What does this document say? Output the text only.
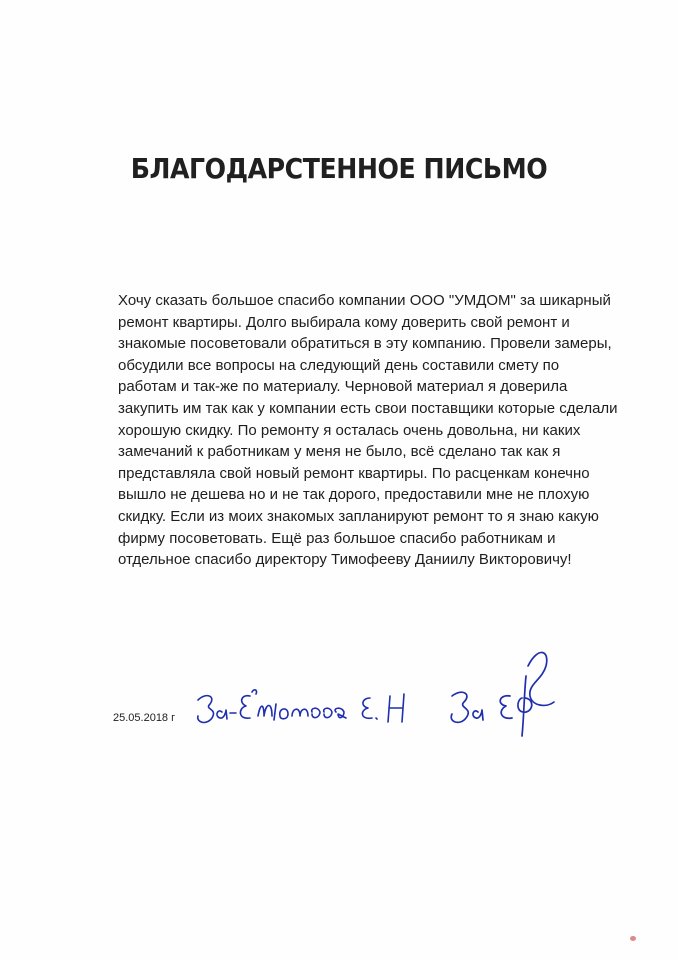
БЛАГОДАРСТЕННОЕ ПИСЬМО

Хочу сказать большое спасибо компании ООО "УМДОМ" за шикарный
ремонт квартиры. Долго выбирала кому доверить свой ремонт и
знакомые посоветовали обратиться в эту компанию. Провели замеры,
обсудили все вопросы на следующий день составили смету по
работам и так-же по материалу. Черновой материал я доверила
закупить им так как у компании есть свои поставщики которые сделали
хорошую скидку. По ремонту я осталась очень довольна, ни каких
замечаний к работникам у меня не было, всё сделано так как я
представляла свой новый ремонт квартиры. По расценкам конечно
вышло не дешева но и не так дорого, предоставили мне не плохую
скидку. Если из моих знакомых запланируют ремонт то я знаю какую
фирму посоветовать. Ещё раз большое спасибо работникам и
отдельное спасибо директору Тимофееву Даниилу Викторовичу!

25.05.2018 г
